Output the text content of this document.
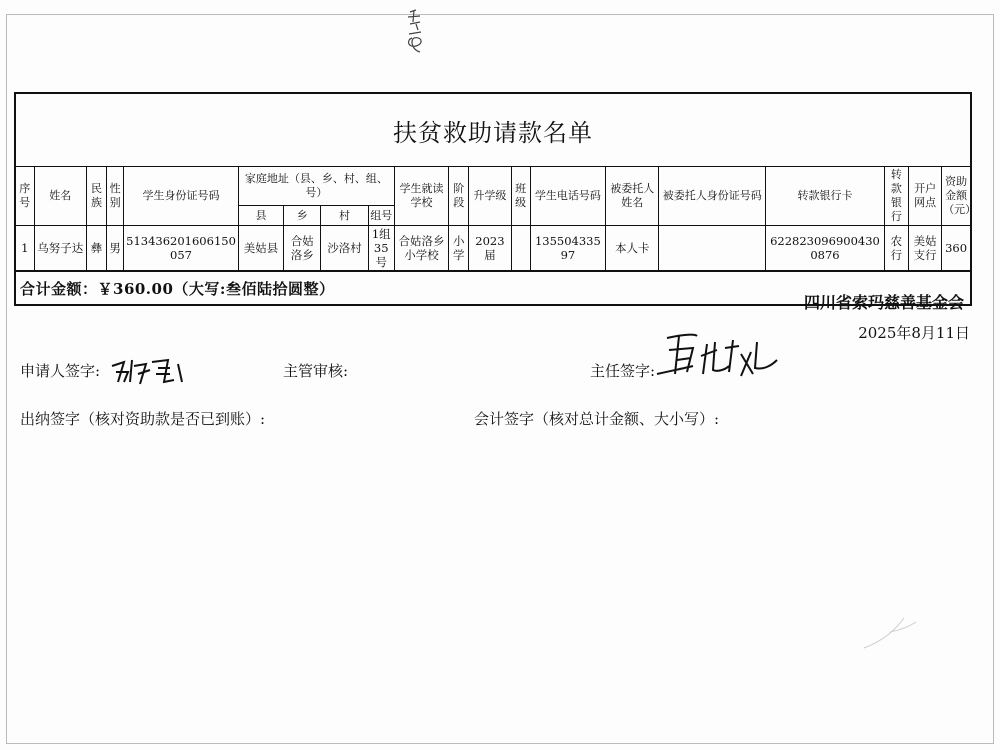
扶贫救助请款名单
序号	姓名	民族	性别	学生身份证号码	家庭地址（县、乡、村、组、号）				学生就读学校	阶段	升学级	班级	学生电话号码	被委托人姓名	被委托人身份证号码	转款银行卡	转款银行	开户网点	资助金额（元）
					县	乡	村	组号											
1	乌努子达	彝	男	513436201606150057	美姑县	合姑洛乡	沙洛村	1组35号	合姑洛乡小学校	小学	2023届		13550433597	本人卡		6228230969004300876	农行	美姑支行	360
合计金额：￥360.00（大写:叁佰陆拾圆整）
四川省索玛慈善基金会
2025年8月11日
申请人签字:	主管审核:	主任签字:
出纳签字（核对资助款是否已到账）:	会计签字（核对总计金额、大小写）:
